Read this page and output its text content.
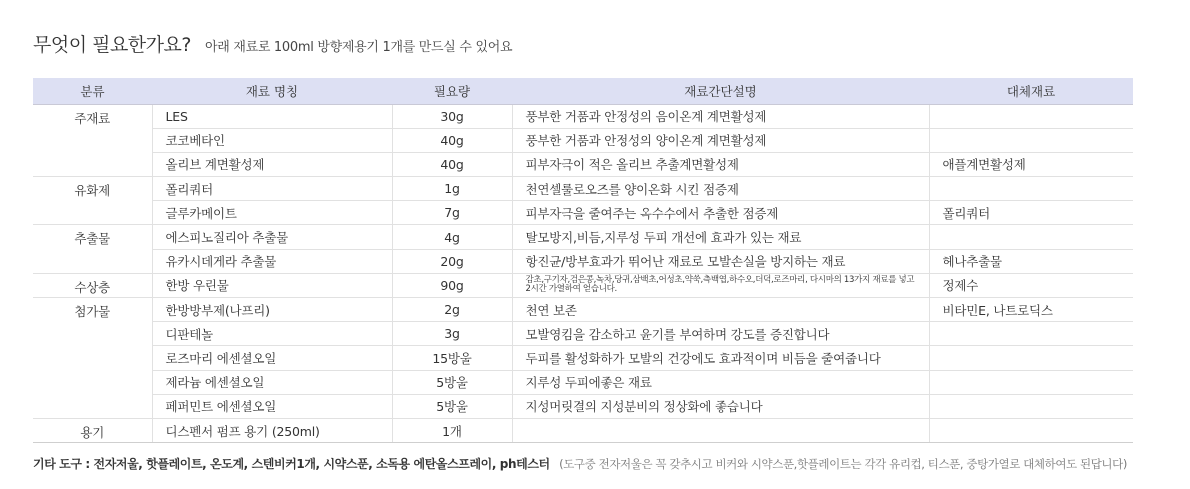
무엇이 필요한가요? 아래 재료로 100ml 방향제용기 1개를 만드실 수 있어요
분류	재료 명칭	필요량	재료간단설명	대체재료
주재료	LES	30g	풍부한 거품과 안정성의 음이온계 계면활성제	
	코코베타인	40g	풍부한 거품과 안정성의 양이온계 계면활성제	
	올리브 계면활성제	40g	피부자극이 적은 올리브 추출계면활성제	애플계면활성제
유화제	폴리쿼터	1g	천연셀룰로오즈를 양이온화 시킨 점증제	
	글루카메이트	7g	피부자극을 줄여주는 옥수수에서 추출한 점증제	폴리쿼터
추출물	에스피노질리아 추출물	4g	탈모방지,비듬,지루성 두피 개선에 효과가 있는 재료	
	유카시데게라 추출물	20g	항진균/방부효과가 뛰어난 재료로 모발손실을 방지하는 재료	헤나추출물
수상층	한방 우린물	90g	감초,구기자,검은콩,녹차,당귀,삼백초,어성초,약쑥,측백엽,하수오,더덕,로즈마리, 다시마의 13가지 재료를 넣고 2시간 가열하여 얻습니다.	정제수
첨가물	한방방부제(나프리)	2g	천연 보존	비타민E, 나트로딕스
	디판테놀	3g	모발영킴을 감소하고 윤기를 부여하며 강도를 증진합니다	
	로즈마리 에센셜오일	15방울	두피를 활성화하가 모발의 건강에도 효과적이며 비듬을 줄여줍니다	
	제라늄 에센셜오일	5방울	지루성 두피에좋은 재료	
	페퍼민트 에센셜오일	5방울	지성머릿결의 지성분비의 정상화에 좋습니다	
용기	디스펜서 펌프 용기 (250ml)	1개		
기타 도구 : 전자저울, 핫플레이트, 온도계, 스텐비커1개, 시약스푼, 소독용 에탄올스프레이, ph테스터 (도구중 전자저울은 꼭 갖추시고 비커와 시약스푼,핫플레이트는 각각 유리컵, 티스푼, 중탕가열로 대체하여도 된답니다)
